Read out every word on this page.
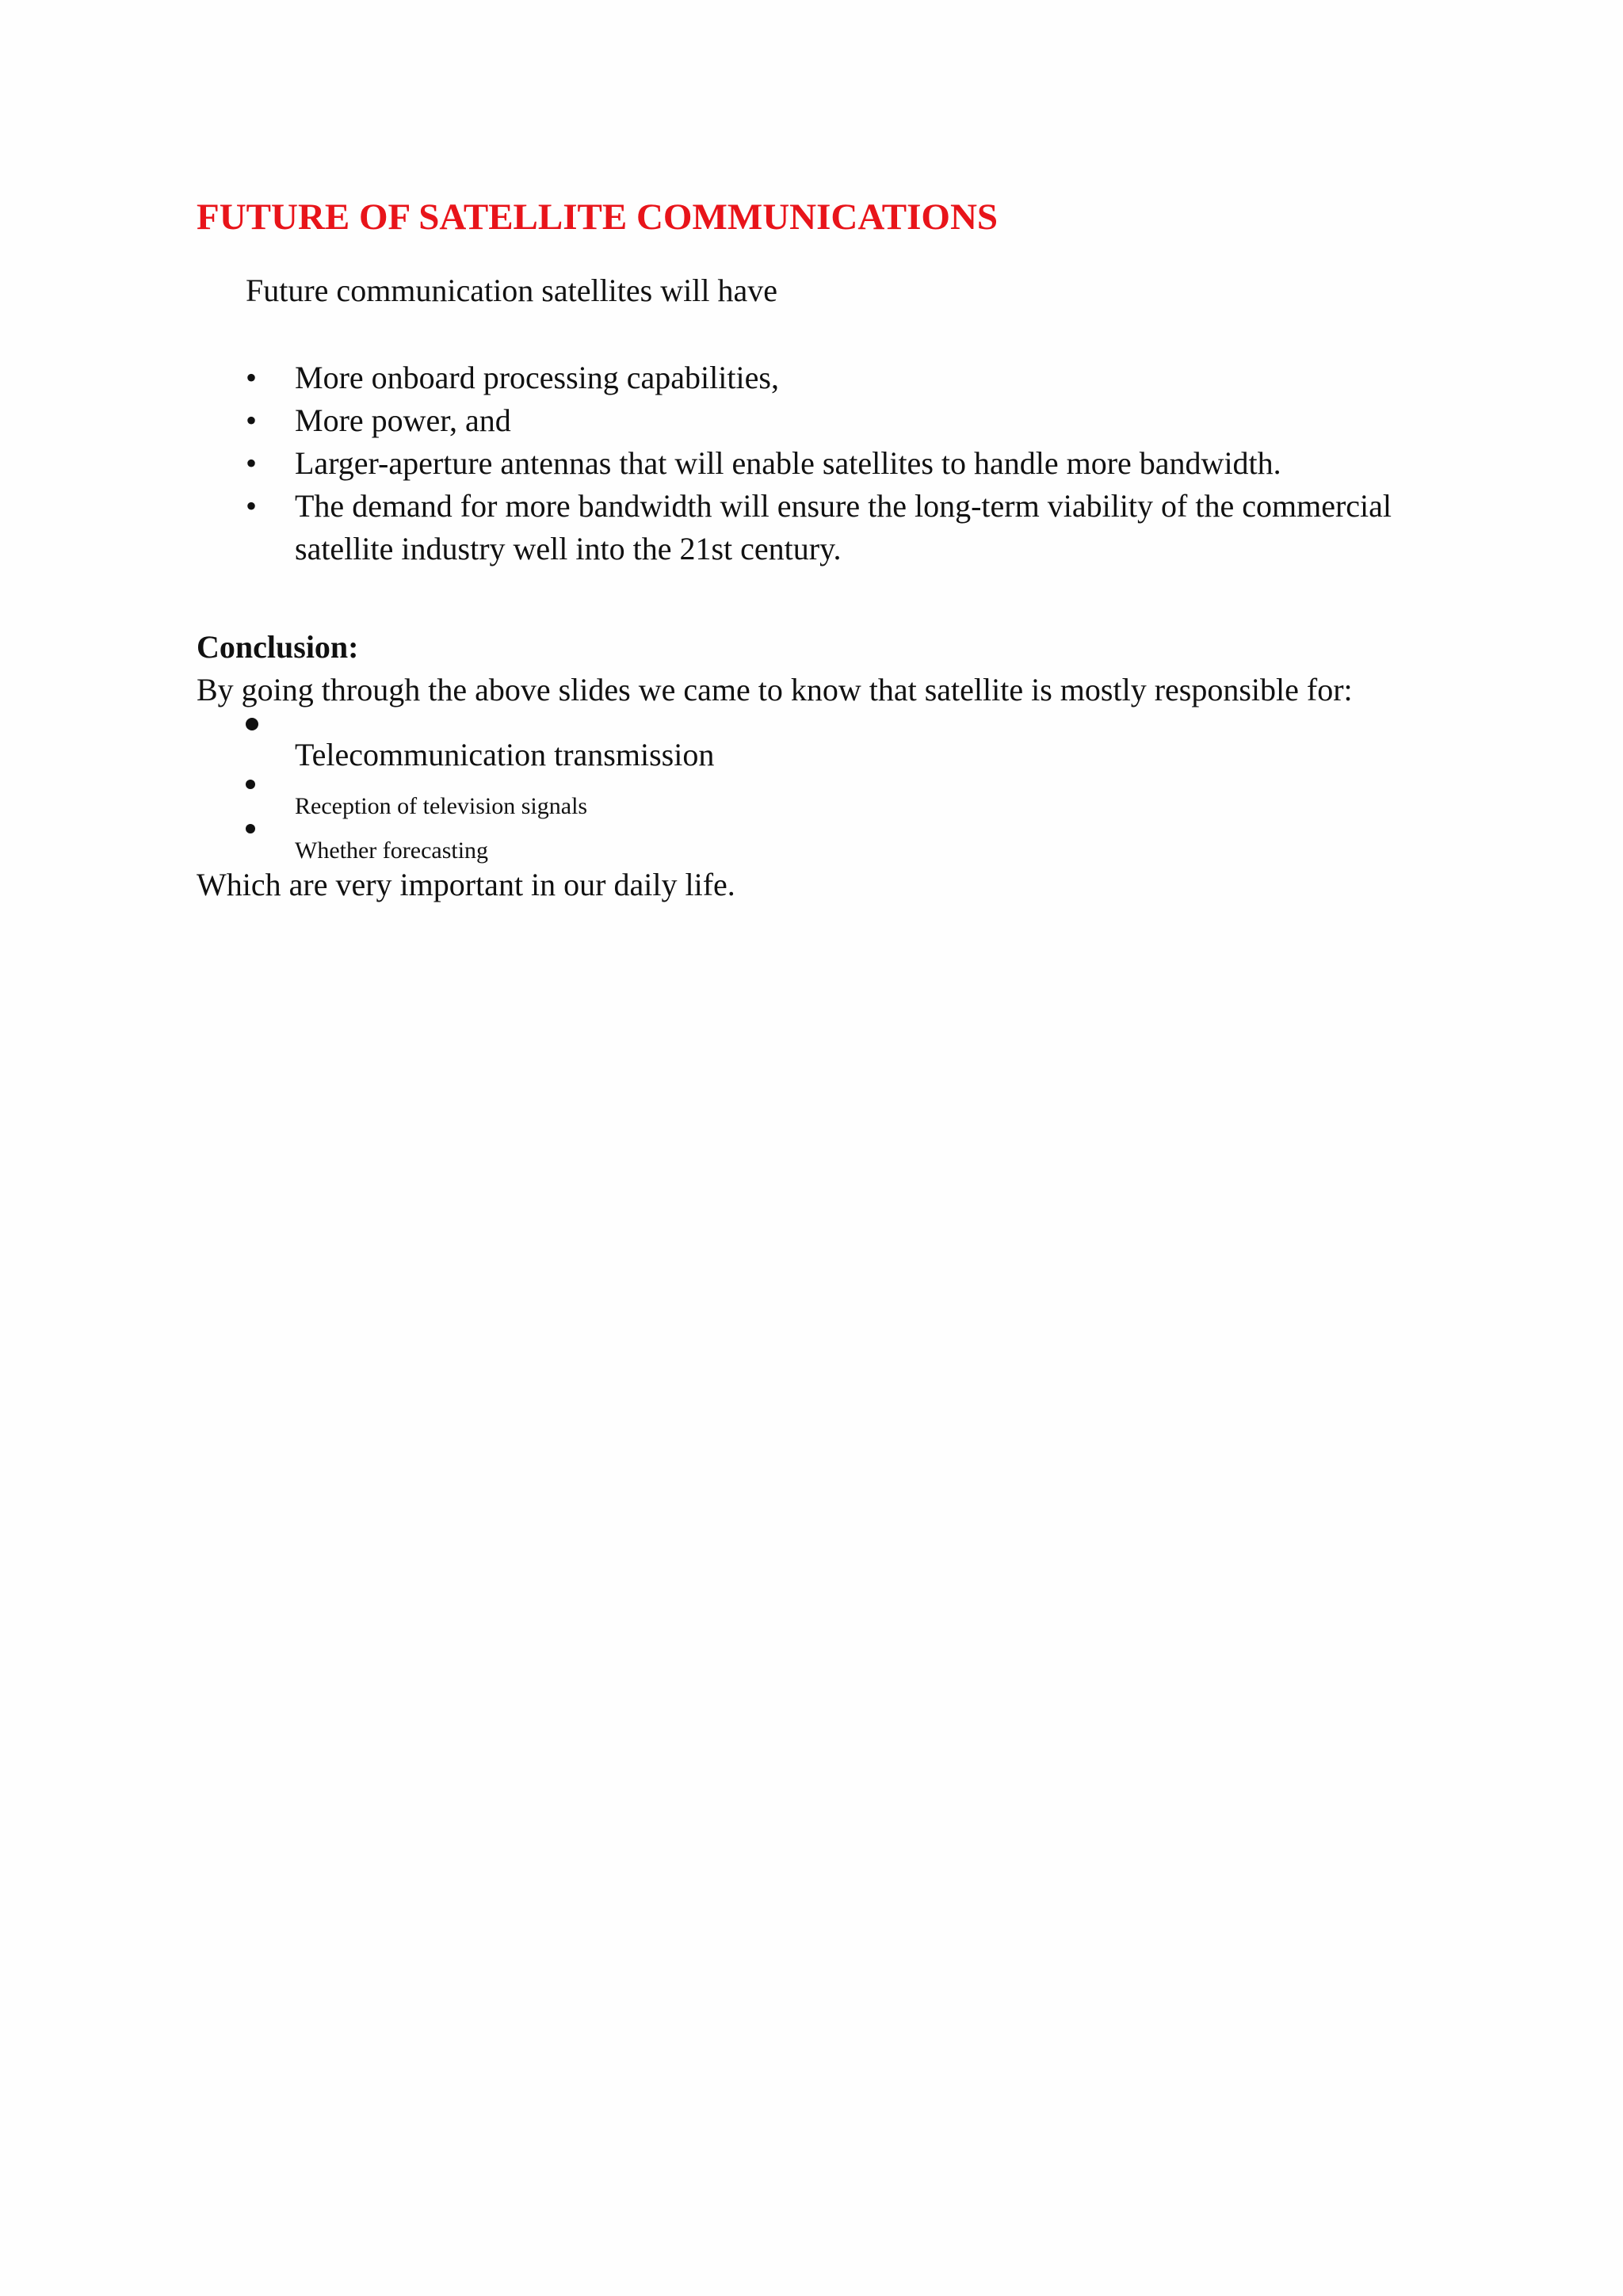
FUTURE OF SATELLITE COMMUNICATIONS
Future communication satellites will have
• More onboard processing capabilities,
• More power, and
• Larger-aperture antennas that will enable satellites to handle more bandwidth.
• The demand for more bandwidth will ensure the long-term viability of the commercial satellite industry well into the 21st century.
Conclusion:
By going through the above slides we came to know that satellite is mostly responsible for:
Telecommunication transmission
Reception of television signals
Whether forecasting
Which are very important in our daily life.
